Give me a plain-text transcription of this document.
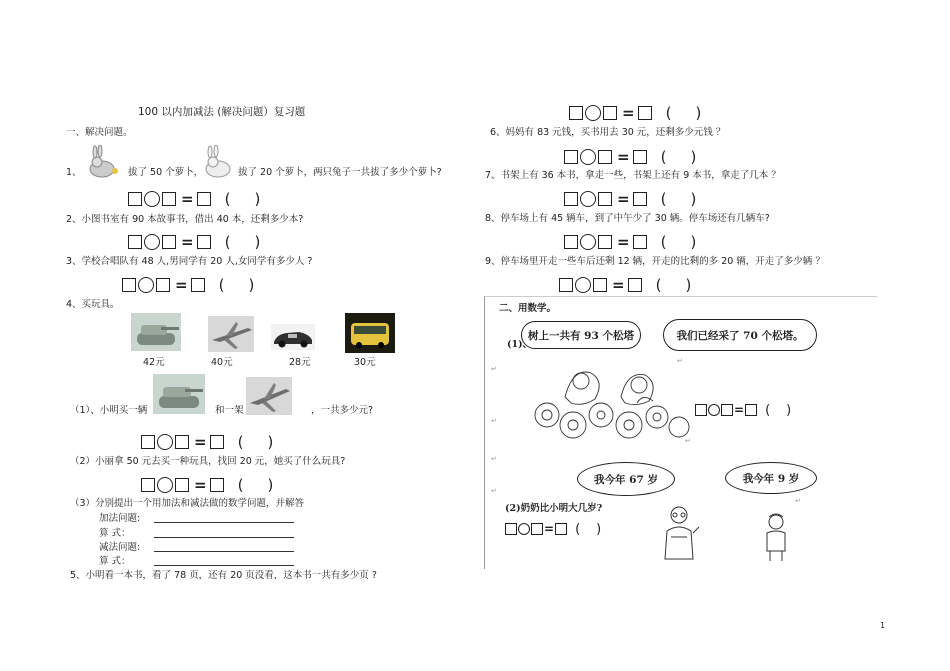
100 以内加减法 (解决问题）复习题
一、解决问题。
1、	拔了 50 个萝卜，	拔了 20 个萝卜，两只兔子一共拔了多少个萝卜?
= ( )
2、小图书室有 90 本故事书，借出 40 本，还剩多少本?
= ( )
3、学校合唱队有 48 人,男同学有 20 人,女同学有多少人 ?
= ( )
4、买玩具。
42元	40元	28元	30元
（1）、小明买一辆	和一架	，一共多少元?
= ( )
（2）小丽拿 50 元去买一种玩具，找回 20 元，她买了什么玩具?
= ( )
（3）分别提出一个用加法和减法做的数学问题，并解答
加法问题:
算 式：
减法问题:
算 式：
5、小明看一本书，看了 78 页，还有 20 页没看，这本书一共有多少页 ?
= ( )
6、妈妈有 83 元钱，买书用去 30 元，还剩多少元钱 ？
= ( )
7、书架上有 36 本书，拿走一些，书架上还有 9 本书，拿走了几本 ？
= ( )
8、停车场上有 45 辆车，到了中午少了 30 辆。停车场还有几辆车?
= ( )
9、停车场里开走一些车后还剩 12 辆，开走的比剩的多 20 辆，开走了多少辆 ？
= ( )
二、用数学。
树上一共有 93 个松塔	我们已经采了 70 个松塔。
(1)、
= ( )
我今年 67 岁	我今年 9 岁
(2)奶奶比小明大几岁?
= ( )
↵
↵
↵
↵
↵
↵
↵
1
